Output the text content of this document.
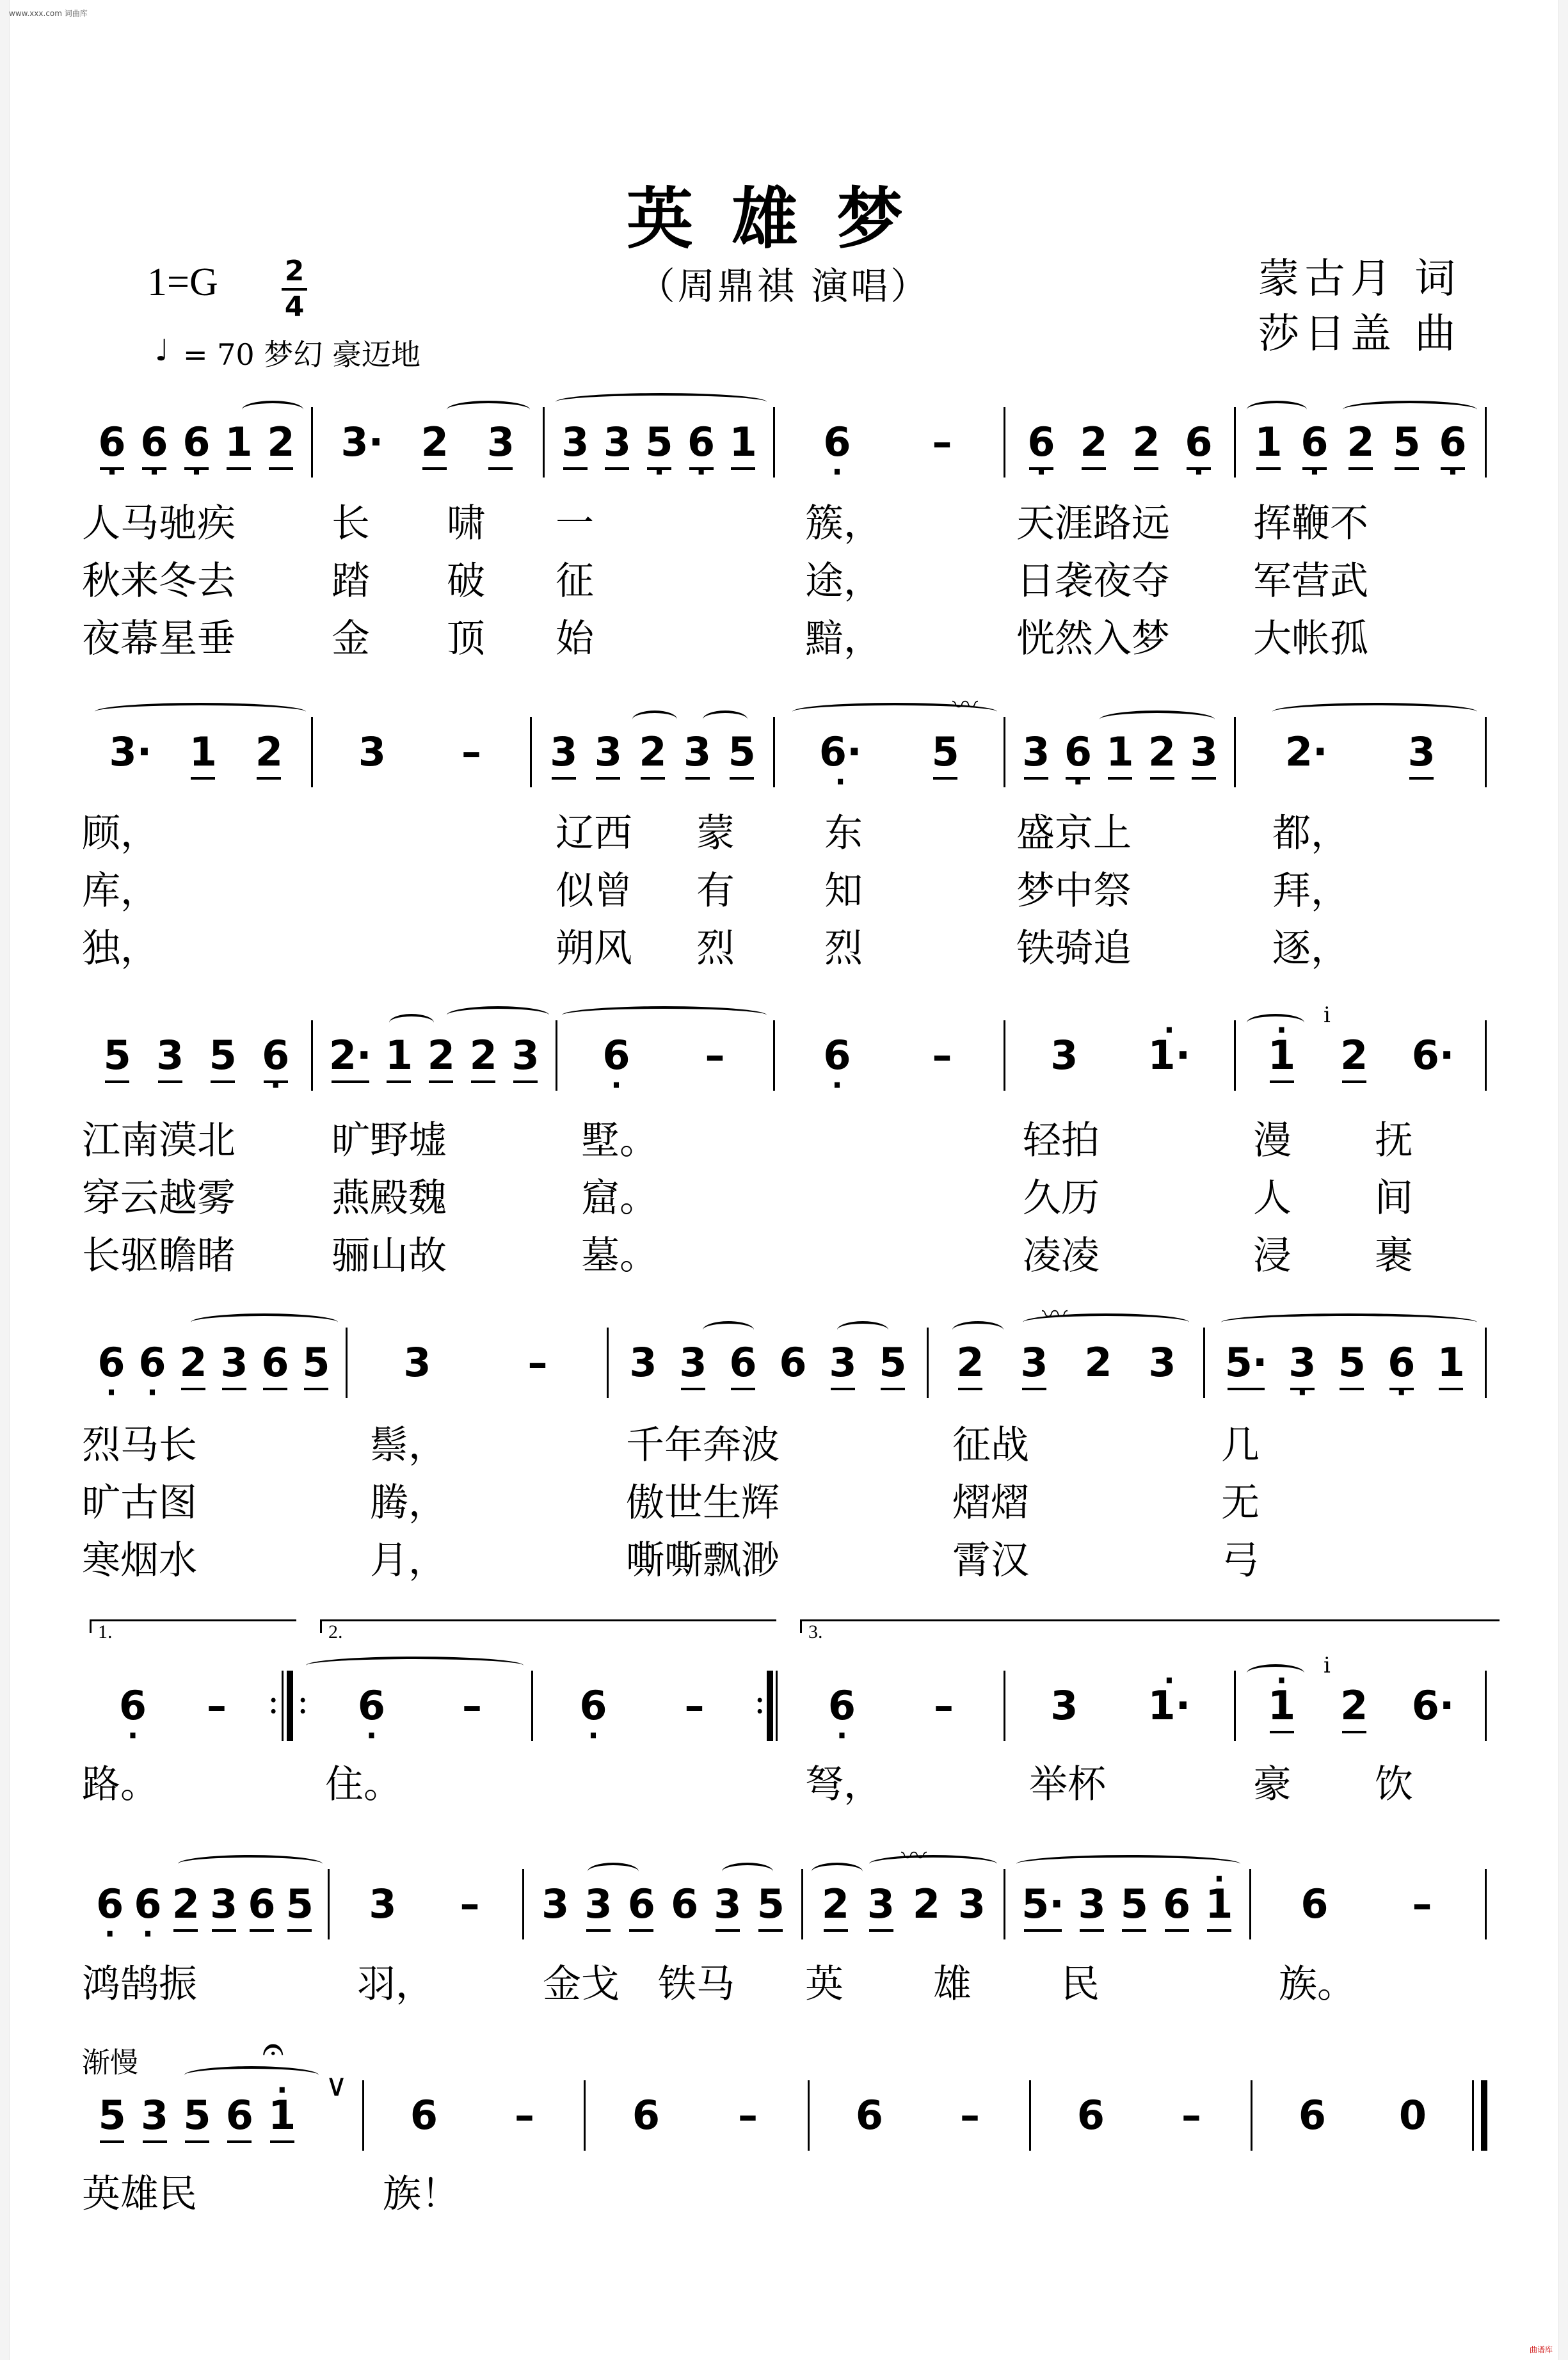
www.xxx.com 词曲库
曲谱库
英雄梦
（周鼎祺 演唱）	蒙古月 词
莎日盖 曲
1=G 2
4
♩ = 70 梦幻 豪迈地
· 6 · 6 · 6 1 2 3· 2 3 3 3 · 5 · 6 1 · 6 – · 6 2 2 · 6 1 · 6 2 5 · 6
人马驰疾	长 啸 一	簇，	天涯路远 挥鞭不
秋来冬去	踏 破 征	途，	日袭夜夺 军营武
夜幕星垂	金 顶 始	黯，	恍然入梦 大帐孤
〰
3· 1 2 3 – 3 3 2 3 5 · 6· 5 3 · 6 1 2 3 2· 3
顾，	辽西 蒙 东	盛京上	都，
库，	似曾 有 知	梦中祭	拜，
独，	朔风 烈 烈	铁骑追	逐，
i
5 3 5 · 6 2· 1 2 2 3 · 6 – · 6 – 3 · 1· · 1 2 6·
江南漠北	旷野墟	墅。	轻拍	漫 抚
穿云越雾	燕殿魏	窟。	久历	人 间
长驱瞻睹	骊山故	墓。	凌凌	浸 裹
〰
· 6 · 6 2 3 6 5 3 – 3 3 6 6 3 5 2 3 2 3 5· · 3 5 · 6 1
烈马长	鬃，	千年奔波	征战	几
旷古图	腾，	傲世生辉	熠熠	无
寒烟水	月，	嘶嘶飘渺	霄汉	弓
1.	2.	3.
i
: :	:
· 6 –	· 6 – · 6 –	· 6 – 3 · 1· · 1 2 6·
路。	住。	弩，	举杯	豪 饮
〰
· 6 · 6 2 3 6 5 3 – 3 3 6 6 3 5 2 3 2 3 5· 3 5 6 · 1 6 –
鸿鹄振	羽，	金戈 铁马 英 雄 民	族。
渐慢	𝄐
∨
5 3 5 6 · 1	6 – 6 – 6 – 6 – 6 0
英雄民	族！
